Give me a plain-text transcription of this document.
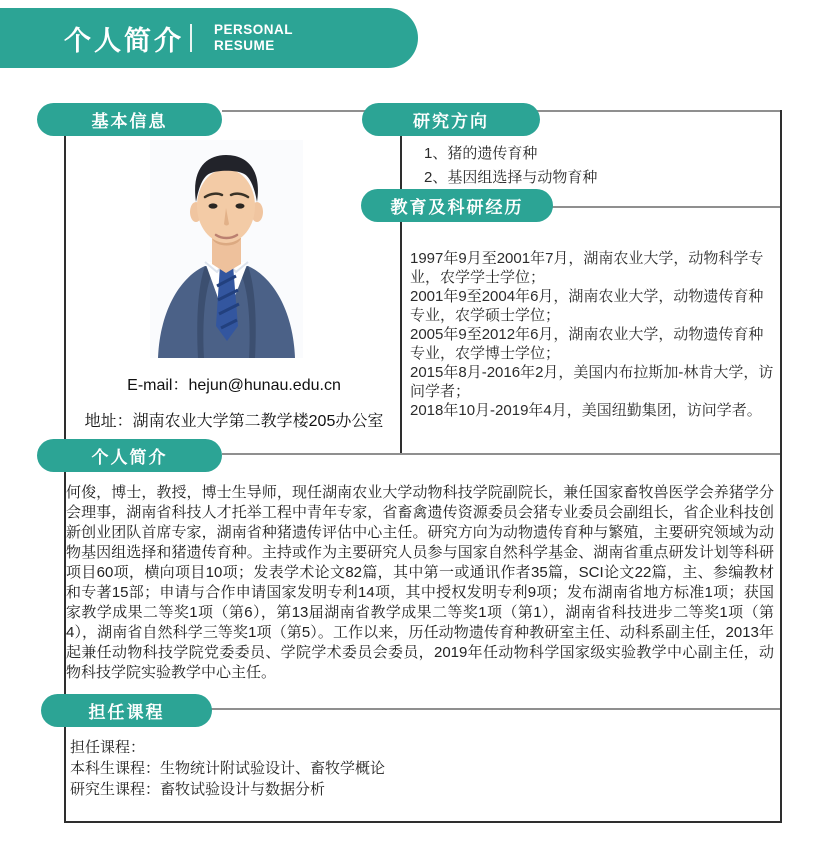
个人简介 PERSONAL
RESUME
基本信息	研究方向
教育及科研经历
个人简介
担任课程
E-mail：hejun@hunau.edu.cn
地址：湖南农业大学第二教学楼205办公室
1、猪的遗传育种
2、基因组选择与动物育种
1997年9月至2001年7月，湖南农业大学，动物科学专业，农学学士学位；
2001年9至2004年6月，湖南农业大学，动物遗传育种专业，农学硕士学位；
2005年9至2012年6月，湖南农业大学，动物遗传育种专业，农学博士学位；
2015年8月-2016年2月，美国内布拉斯加-林肯大学，访问学者；
2018年10月-2019年4月，美国纽勤集团，访问学者。
何俊，博士，教授，博士生导师，现任湖南农业大学动物科技学院副院长，兼任国家畜牧兽医学会养猪学分会理事，湖南省科技人才托举工程中青年专家，省畜禽遗传资源委员会猪专业委员会副组长，省企业科技创新创业团队首席专家，湖南省种猪遗传评估中心主任。研究方向为动物遗传育种与繁殖，主要研究领域为动物基因组选择和猪遗传育种。主持或作为主要研究人员参与国家自然科学基金、湖南省重点研发计划等科研项目60项，横向项目10项；发表学术论文82篇，其中第一或通讯作者35篇，SCI论文22篇，主、参编教材和专著15部；申请与合作申请国家发明专利14项，其中授权发明专利9项；发布湖南省地方标准1项；获国家教学成果二等奖1项（第6），第13届湖南省教学成果二等奖1项（第1），湖南省科技进步二等奖1项（第4），湖南省自然科学三等奖1项（第5）。工作以来，历任动物遗传育种教研室主任、动科系副主任，2013年起兼任动物科技学院党委委员、学院学术委员会委员，2019年任动物科学国家级实验教学中心副主任，动物科技学院实验教学中心主任。
担任课程：
本科生课程：生物统计附试验设计、畜牧学概论
研究生课程：畜牧试验设计与数据分析
